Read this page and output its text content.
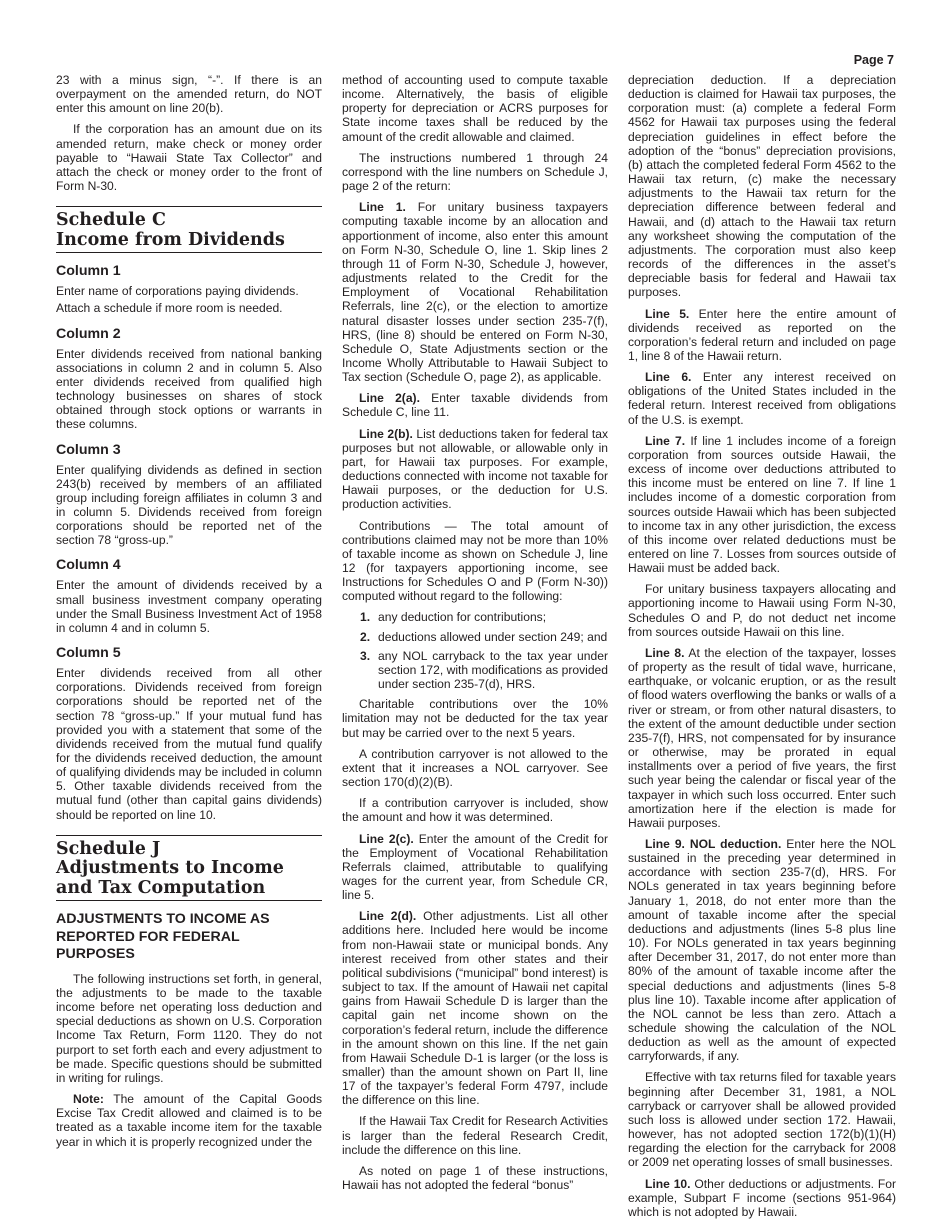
Page 7

23 with a minus sign, “-”. If there is an overpayment on the amended return, do NOT enter this amount on line 20(b).

If the corporation has an amount due on its amended return, make check or money order payable to “Hawaii State Tax Collector” and attach the check or money order to the front of Form N-30.

Schedule C
Income from Dividends
Column 1

Enter name of corporations paying dividends.

Attach a schedule if more room is needed.

Column 2

Enter dividends received from national banking associations in column 2 and in column 5. Also enter dividends received from qualified high technology businesses on shares of stock obtained through stock options or warrants in these columns.

Column 3

Enter qualifying dividends as defined in section 243(b) received by members of an affiliated group including foreign affiliates in column 3 and in column 5. Dividends received from foreign corporations should be reported net of the section 78 “gross-up.”

Column 4

Enter the amount of dividends received by a small business investment company operating under the Small Business Investment Act of 1958 in column 4 and in column 5.

Column 5

Enter dividends received from all other corporations. Dividends received from foreign corporations should be reported net of the section 78 “gross-up.” If your mutual fund has provided you with a statement that some of the dividends received from the mutual fund qualify for the dividends received deduction, the amount of qualifying dividends may be included in column 5. Other taxable dividends received from the mutual fund (other than capital gains dividends) should be reported on line 10.

Schedule J
Adjustments to Income and Tax Computation
ADJUSTMENTS TO INCOME AS REPORTED FOR FEDERAL PURPOSES

The following instructions set forth, in general, the adjustments to be made to the taxable income before net operating loss deduction and special deductions as shown on U.S. Corporation Income Tax Return, Form 1120. They do not purport to set forth each and every adjustment to be made. Specific questions should be submitted in writing for rulings.

Note: The amount of the Capital Goods Excise Tax Credit allowed and claimed is to be treated as a taxable income item for the taxable year in which it is properly recognized under the

method of accounting used to compute taxable income. Alternatively, the basis of eligible property for depreciation or ACRS purposes for State income taxes shall be reduced by the amount of the credit allowable and claimed.

The instructions numbered 1 through 24 correspond with the line numbers on Schedule J, page 2 of the return:

Line 1. For unitary business taxpayers computing taxable income by an allocation and apportionment of income, also enter this amount on Form N-30, Schedule O, line 1. Skip lines 2 through 11 of Form N-30, Schedule J, however, adjustments related to the Credit for the Employment of Vocational Rehabilitation Referrals, line 2(c), or the election to amortize natural disaster losses under section 235-7(f), HRS, (line 8) should be entered on Form N-30, Schedule O, State Adjustments section or the Income Wholly Attributable to Hawaii Subject to Tax section (Schedule O, page 2), as applicable.

Line 2(a). Enter taxable dividends from Schedule C, line 11.

Line 2(b). List deductions taken for federal tax purposes but not allowable, or allowable only in part, for Hawaii tax purposes. For example, deductions connected with income not taxable for Hawaii purposes, or the deduction for U.S. production activities.

Contributions — The total amount of contributions claimed may not be more than 10% of taxable income as shown on Schedule J, line 12 (for taxpayers apportioning income, see Instructions for Schedules O and P (Form N-30)) computed without regard to the following:

1. any deduction for contributions;
2. deductions allowed under section 249; and
3. any NOL carryback to the tax year under section 172, with modifications as provided under section 235-7(d), HRS.

Charitable contributions over the 10% limitation may not be deducted for the tax year but may be carried over to the next 5 years.

A contribution carryover is not allowed to the extent that it increases a NOL carryover. See section 170(d)(2)(B).

If a contribution carryover is included, show the amount and how it was determined.

Line 2(c). Enter the amount of the Credit for the Employment of Vocational Rehabilitation Referrals claimed, attributable to qualifying wages for the current year, from Schedule CR, line 5.

Line 2(d). Other adjustments. List all other additions here. Included here would be income from non-Hawaii state or municipal bonds. Any interest received from other states and their political subdivisions (“municipal” bond interest) is subject to tax. If the amount of Hawaii net capital gains from Hawaii Schedule D is larger than the capital gain net income shown on the corporation’s federal return, include the difference in the amount shown on this line. If the net gain from Hawaii Schedule D-1 is larger (or the loss is smaller) than the amount shown on Part II, line 17 of the taxpayer’s federal Form 4797, include the difference on this line.

If the Hawaii Tax Credit for Research Activities is larger than the federal Research Credit, include the difference on this line.

As noted on page 1 of these instructions, Hawaii has not adopted the federal “bonus”

depreciation deduction. If a depreciation deduction is claimed for Hawaii tax purposes, the corporation must: (a) complete a federal Form 4562 for Hawaii tax purposes using the federal depreciation guidelines in effect before the adoption of the “bonus” depreciation provisions, (b) attach the completed federal Form 4562 to the Hawaii tax return, (c) make the necessary adjustments to the Hawaii tax return for the depreciation difference between federal and Hawaii, and (d) attach to the Hawaii tax return any worksheet showing the computation of the adjustments. The corporation must also keep records of the differences in the asset’s depreciable basis for federal and Hawaii tax purposes.

Line 5. Enter here the entire amount of dividends received as reported on the corporation’s federal return and included on page 1, line 8 of the Hawaii return.

Line 6. Enter any interest received on obligations of the United States included in the federal return. Interest received from obligations of the U.S. is exempt.

Line 7. If line 1 includes income of a foreign corporation from sources outside Hawaii, the excess of income over deductions attributed to this income must be entered on line 7. If line 1 includes income of a domestic corporation from sources outside Hawaii which has been subjected to income tax in any other jurisdiction, the excess of this income over related deductions must be entered on line 7. Losses from sources outside of Hawaii must be added back.

For unitary business taxpayers allocating and apportioning income to Hawaii using Form N-30, Schedules O and P, do not deduct net income from sources outside Hawaii on this line.

Line 8. At the election of the taxpayer, losses of property as the result of tidal wave, hurricane, earthquake, or volcanic eruption, or as the result of flood waters overflowing the banks or walls of a river or stream, or from other natural disasters, to the extent of the amount deductible under section 235-7(f), HRS, not compensated for by insurance or otherwise, may be prorated in equal installments over a period of five years, the first such year being the calendar or fiscal year of the taxpayer in which such loss occurred. Enter such amortization here if the election is made for Hawaii purposes.

Line 9. NOL deduction. Enter here the NOL sustained in the preceding year determined in accordance with section 235-7(d), HRS. For NOLs generated in tax years beginning before January 1, 2018, do not enter more than the amount of taxable income after the special deductions and adjustments (lines 5-8 plus line 10). For NOLs generated in tax years beginning after December 31, 2017, do not enter more than 80% of the amount of taxable income after the special deductions and adjustments (lines 5-8 plus line 10). Taxable income after application of the NOL cannot be less than zero. Attach a schedule showing the calculation of the NOL deduction as well as the amount of expected carryforwards, if any.

Effective with tax returns filed for taxable years beginning after December 31, 1981, a NOL carryback or carryover shall be allowed provided such loss is allowed under section 172. Hawaii, however, has not adopted section 172(b)(1)(H) regarding the election for the carryback for 2008 or 2009 net operating losses of small businesses.

Line 10. Other deductions or adjustments. For example, Subpart F income (sections 951-964) which is not adopted by Hawaii.
